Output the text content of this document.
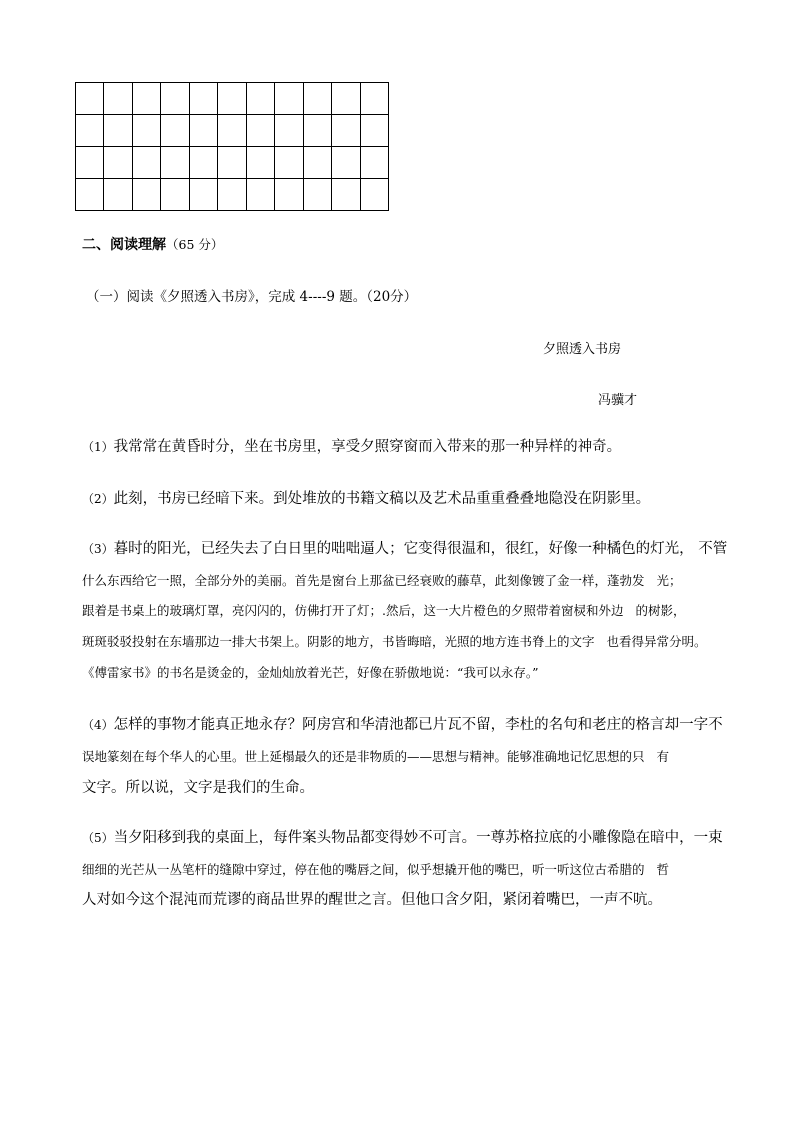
二、阅读理解（65 分）
（一）阅读《夕照透入书房》，完成 4----9 题。（20分）
夕照透入书房
冯骥才
（1）我常常在黄昏时分，坐在书房里，享受夕照穿窗而入带来的那一种异样的神奇。
（2）此刻，书房已经暗下来。到处堆放的书籍文稿以及艺术品重重叠叠地隐没在阴影里。
（3）暮时的阳光，已经失去了白日里的咄咄逼人；它变得很温和，很红，好像一种橘色的灯光， 不管
什么东西给它一照，全部分外的美丽。首先是窗台上那盆已经衰败的藤草，此刻像镀了金一样，蓬勃发 光；
跟着是书桌上的玻璃灯罩，亮闪闪的，仿佛打开了灯；.然后，这一大片橙色的夕照带着窗棂和外边 的树影，
斑斑驳驳投射在东墙那边一排大书架上。阴影的地方，书皆晦暗，光照的地方连书脊上的文字 也看得异常分明。
《傅雷家书》的书名是烫金的，金灿灿放着光芒，好像在骄傲地说：“我可以永存。”
（4）怎样的事物才能真正地永存？阿房宫和华清池都已片瓦不留，李杜的名句和老庄的格言却一字不
误地篆刻在每个华人的心里。世上延榻最久的还是非物质的——思想与精神。能够准确地记忆思想的只 有
文字。所以说，文字是我们的生命。
（5）当夕阳移到我的桌面上，每件案头物品都变得妙不可言。一尊苏格拉底的小雕像隐在暗中，一束
细细的光芒从一丛笔杆的缝隙中穿过，停在他的嘴唇之间，似乎想撬开他的嘴巴，听一听这位古希腊的 哲
人对如今这个混沌而荒谬的商品世界的醒世之言。但他口含夕阳，紧闭着嘴巴，一声不吭。
